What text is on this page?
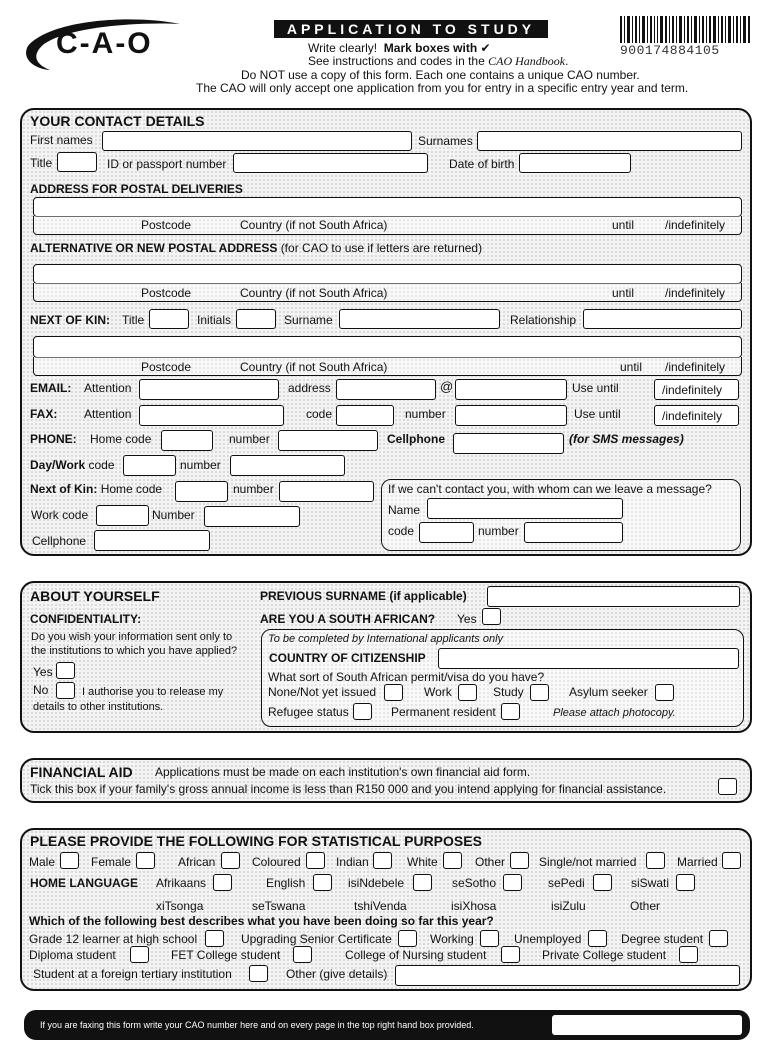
C-A-O	APPLICATION TO STUDY
Write clearly! Mark boxes with ✔
See instructions and codes in the CAO Handbook.
Do NOT use a copy of this form. Each one contains a unique CAO number.
The CAO will only accept one application from you for entry in a specific entry year and term.
900174884105
YOUR CONTACT DETAILS
First names	Surnames
Title	ID or passport number	Date of birth
ADDRESS FOR POSTAL DELIVERIES
Postcode	Country (if not South Africa)	until	/indefinitely
ALTERNATIVE OR NEW POSTAL ADDRESS (for CAO to use if letters are returned)
Postcode	Country (if not South Africa)	until	/indefinitely
NEXT OF KIN: Title	Initials	Surname	Relationship
Postcode	Country (if not South Africa)	until /indefinitely
EMAIL: Attention	address	@	Use until	/indefinitely
FAX: Attention	code	number	Use until	/indefinitely
PHONE: Home code	number	Cellphone	(for SMS messages)
Day/Work code	number
Next of Kin: Home code	number
Work code	Number
Cellphone
If we can't contact you, with whom can we leave a message?
Name
code	number
ABOUT YOURSELF	PREVIOUS SURNAME (if applicable)
CONFIDENTIALITY:	ARE YOU A SOUTH AFRICAN? Yes
Do you wish your information sent only to
the institutions to which you have applied?
Yes
No	I authorise you to release my
details to other institutions.
To be completed by International applicants only
COUNTRY OF CITIZENSHIP
What sort of South African permit/visa do you have?
None/Not yet issued	Work	Study	Asylum seeker
Refugee status	Permanent resident	Please attach photocopy.
FINANCIAL AID Applications must be made on each institution's own financial aid form.
Tick this box if your family's gross annual income is less than R150 000 and you intend applying for financial assistance.
PLEASE PROVIDE THE FOLLOWING FOR STATISTICAL PURPOSES
Male	Female	African	Coloured	Indian	White	Other	Single/not married	Married
HOME LANGUAGE Afrikaans	English	isiNdebele	seSotho	sePedi	siSwati
xiTsonga	seTswana	tshiVenda	isiXhosa	isiZulu	Other
Which of the following best describes what you have been doing so far this year?
Grade 12 learner at high school	Upgrading Senior Certificate	Working	Unemployed	Degree student
Diploma student	FET College student	College of Nursing student	Private College student
Student at a foreign tertiary institution	Other (give details)
If you are faxing this form write your CAO number here and on every page in the top right hand box provided.
